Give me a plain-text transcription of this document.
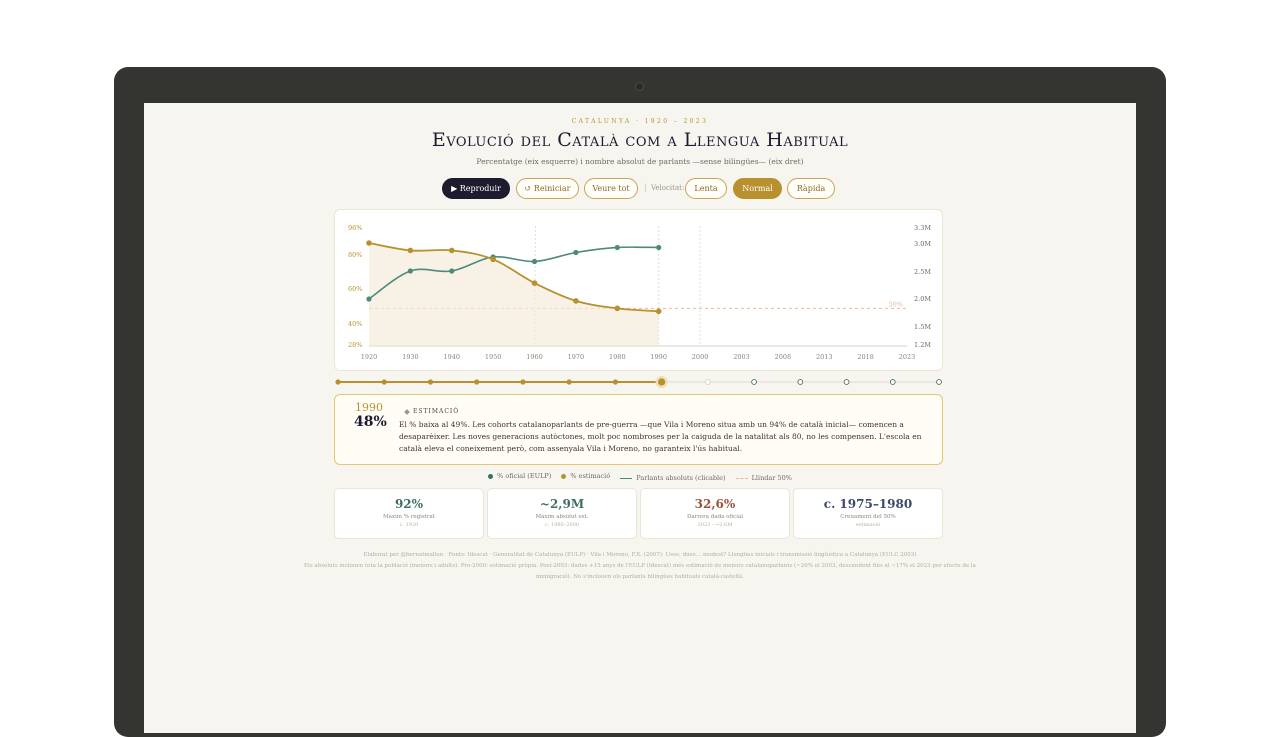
CATALUNYA · 1920 – 2023
Evolució del Català com a Llengua Habitual
Percentatge (eix esquerre) i nombre absolut de parlants —sense bilingües— (eix dret)
▶ Reproduir	↺ Reiniciar	Veure tot	| Velocitat:	Lenta	Normal	Ràpida
50%
1920	1930	1940	1950	1960	1970	1980	1990	2000	2003	2008	2013	2018	2023
96%
80%
60%
40%
28%
3.3M
3.0M
2.5M
2.0M
1.5M
1.2M
1990
48%
ESTIMACIÓ
El % baixa al 49%. Les cohorts catalanoparlants de pre-guerra —que Vila i Moreno situa amb un 94% de català inicial— comencen a desaparèixer. Les noves generacions autòctones, molt poc nombroses per la caiguda de la natalitat als 80, no les compensen. L'escola en català eleva el coneixement però, com assenyala Vila i Moreno, no garanteix l'ús habitual.
% oficial (EULP)
	% estimació
	Parlants absoluts (clicable)
	Llindar 50%
92%
Màxim % registrat
c. 1920
~2,9M
Màxim absolut est.
c. 1980–2000
32,6%
Darrera dada oficial
2023 · ~2,6M
c. 1975–1980
Creuament del 50%
estimació
Elaborat per @bernatmallen · Fonts: Idescat · Generalitat de Catalunya (EULP) · Vila i Moreno, F.X. (2007): Usos, dues… modest? Llengües inicials i transmissió lingüística a Catalunya (EULC 2003)
Els absoluts inclouen tota la població (menors i adults). Pre-2000: estimació pròpia. Post-2003: dades +15 anys de l'EULP (Idescat) més estimació de menors catalanoparlants (~26% el 2003, descendent fins al ~17% el 2023 per efecte de la immigració). No s'inclouen els parlants bilingües habituals català-castellà.
